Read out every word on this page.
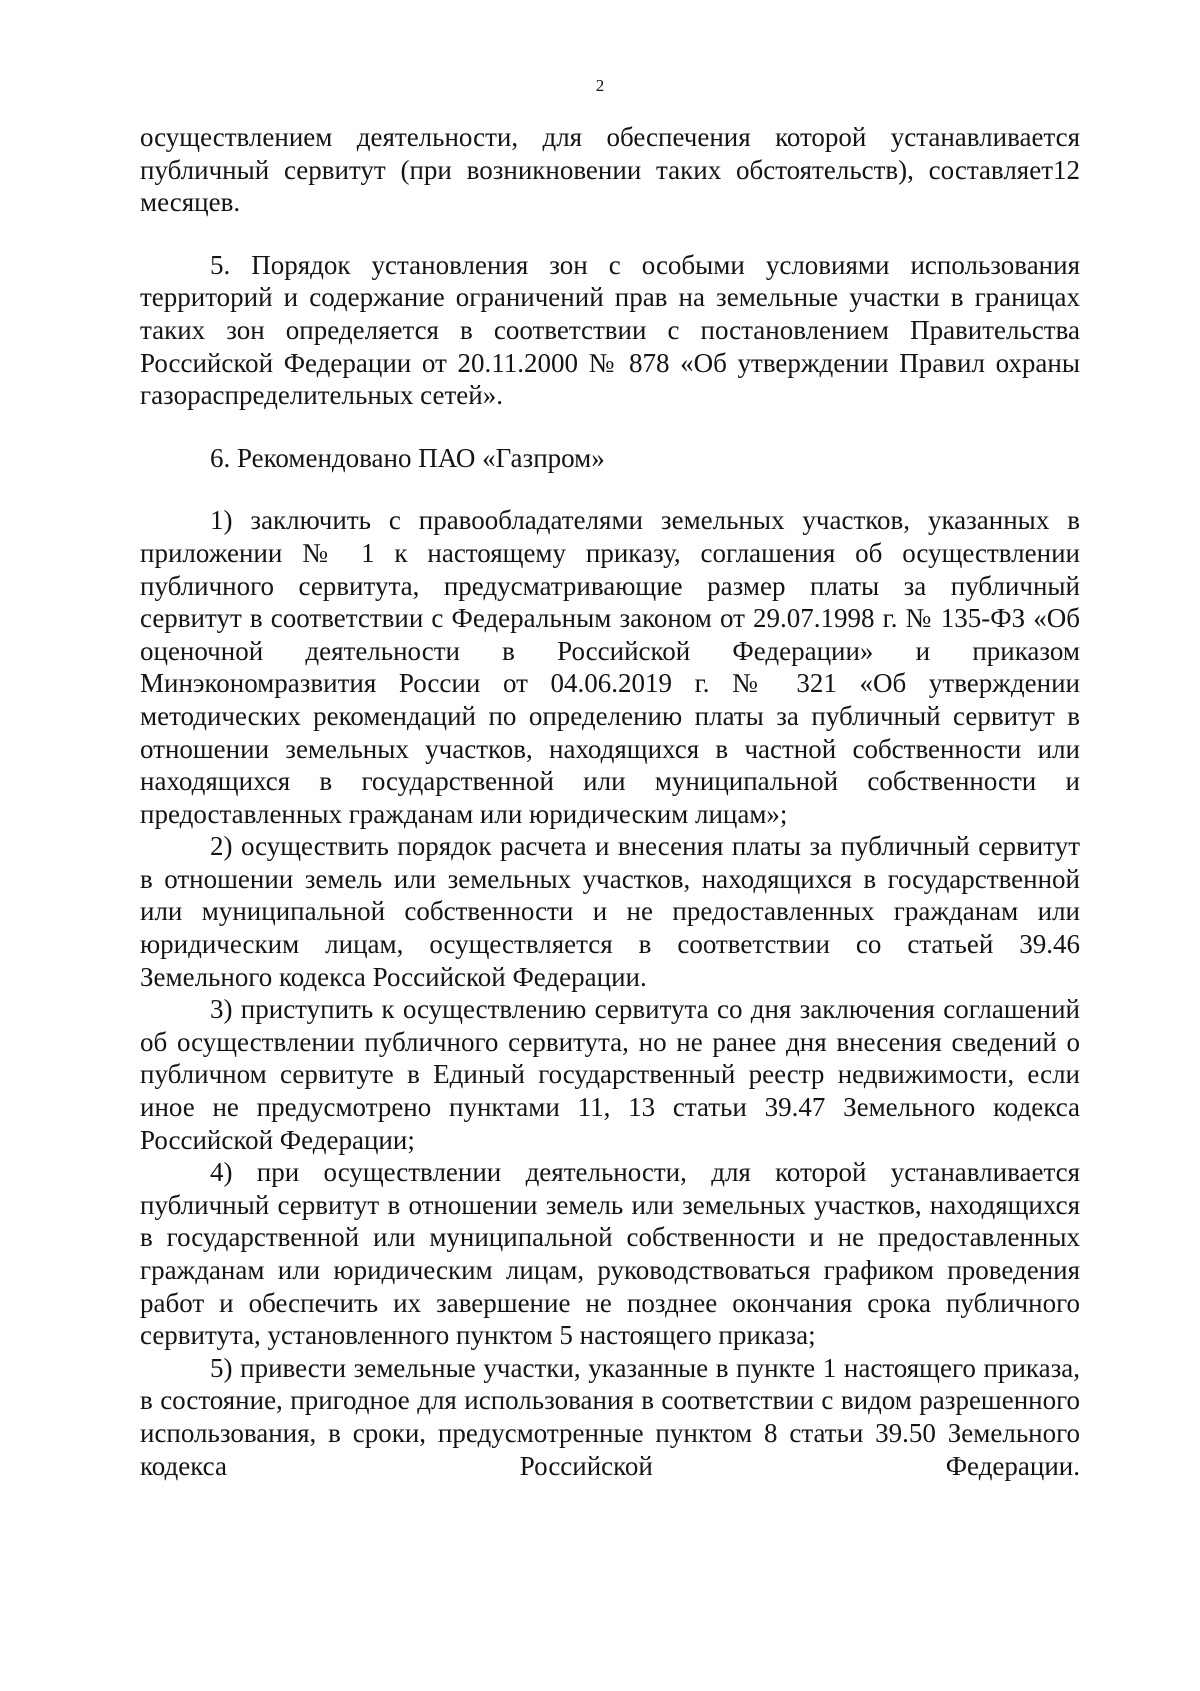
2

осуществлением деятельности, для обеспечения которой устанавливается публичный сервитут (при возникновении таких обстоятельств), составляет12 месяцев.

5. Порядок установления зон с особыми условиями использования территорий и содержание ограничений прав на земельные участки в границах таких зон определяется в соответствии с постановлением Правительства Российской Федерации от 20.11.2000 № 878 «Об утверждении Правил охраны газораспределительных сетей».

6. Рекомендовано ПАО «Газпром»

1) заключить с правообладателями земельных участков, указанных в приложении № 1 к настоящему приказу, соглашения об осуществлении публичного сервитута, предусматривающие размер платы за публичный сервитут в соответствии с Федеральным законом от 29.07.1998 г. № 135-ФЗ «Об оценочной деятельности в Российской Федерации» и приказом Минэкономразвития России от 04.06.2019 г. № 321 «Об утверждении методических рекомендаций по определению платы за публичный сервитут в отношении земельных участков, находящихся в частной собственности или находящихся в государственной или муниципальной собственности и предоставленных гражданам или юридическим лицам»;

2) осуществить порядок расчета и внесения платы за публичный сервитут в отношении земель или земельных участков, находящихся в государственной или муниципальной собственности и не предоставленных гражданам или юридическим лицам, осуществляется в соответствии со статьей 39.46 Земельного кодекса Российской Федерации.

3) приступить к осуществлению сервитута со дня заключения соглашений об осуществлении публичного сервитута, но не ранее дня внесения сведений о публичном сервитуте в Единый государственный реестр недвижимости, если иное не предусмотрено пунктами 11, 13 статьи 39.47 Земельного кодекса Российской Федерации;

4) при осуществлении деятельности, для которой устанавливается публичный сервитут в отношении земель или земельных участков, находящихся в государственной или муниципальной собственности и не предоставленных гражданам или юридическим лицам, руководствоваться графиком проведения работ и обеспечить их завершение не позднее окончания срока публичного сервитута, установленного пунктом 5 настоящего приказа;

5) привести земельные участки, указанные в пункте 1 настоящего приказа, в состояние, пригодное для использования в соответствии с видом разрешенного использования, в сроки, предусмотренные пунктом 8 статьи 39.50 Земельного кодекса Российской Федерации.
